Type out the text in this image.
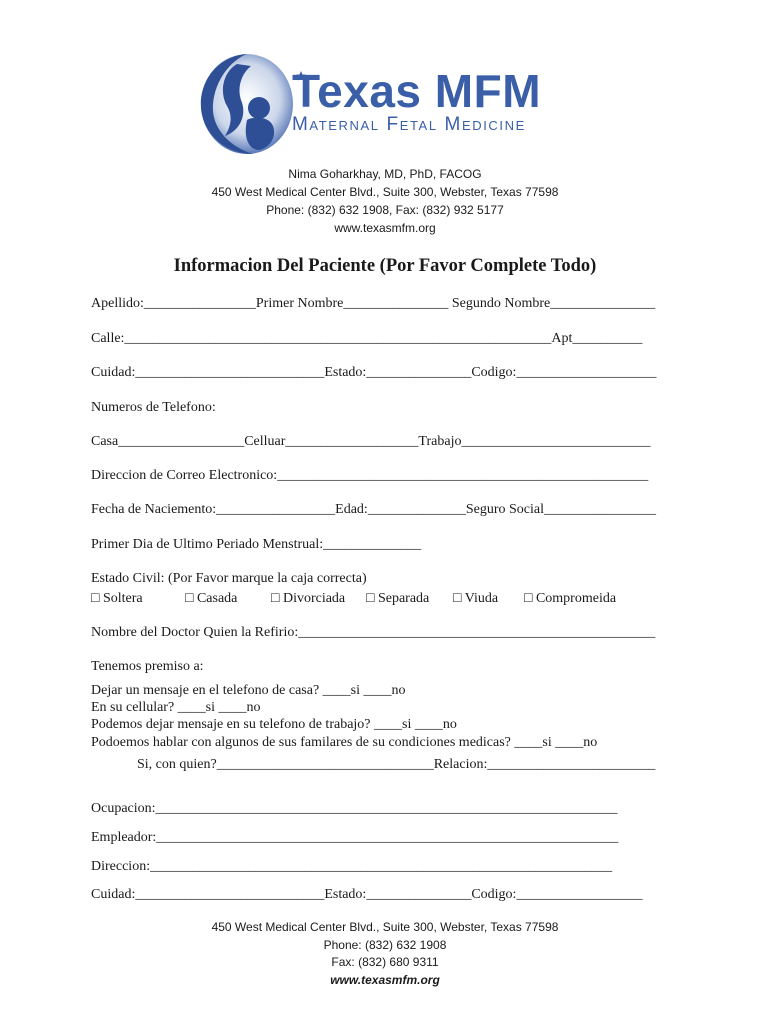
Texas MFM
Maternal Fetal Medicine
Nima Goharkhay, MD, PhD, FACOG
450 West Medical Center Blvd., Suite 300, Webster, Texas 77598
Phone: (832) 632 1908, Fax: (832) 932 5177
www.texasmfm.org
Informacion Del Paciente (Por Favor Complete Todo)
Apellido:________________Primer Nombre_______________ Segundo Nombre_______________
Calle:_____________________________________________________________Apt__________
Cuidad:___________________________Estado:_______________Codigo:____________________
Numeros de Telefono:
Casa__________________Celluar___________________Trabajo___________________________
Direccion de Correo Electronico:_____________________________________________________
Fecha de Naciemento:_________________Edad:______________Seguro Social________________
Primer Dia de Ultimo Periado Menstrual:______________
Estado Civil: (Por Favor marque la caja correcta)
□ Soltera	□ Casada □ Divorciada □ Separada □ Viuda □ Compromeida
Nombre del Doctor Quien la Refirio:___________________________________________________
Tenemos premiso a:
Dejar un mensaje en el telefono de casa? ____si ____no
En su cellular? ____si ____no
Podemos dejar mensaje en su telefono de trabajo? ____si ____no
Podoemos hablar con algunos de sus familares de su condiciones medicas? ____si ____no
Si, con quien?_______________________________Relacion:________________________
Ocupacion:__________________________________________________________________
Empleador:__________________________________________________________________
Direccion:__________________________________________________________________
Cuidad:___________________________Estado:_______________Codigo:__________________
450 West Medical Center Blvd., Suite 300, Webster, Texas 77598
Phone: (832) 632 1908
Fax: (832) 680 9311
www.texasmfm.org
